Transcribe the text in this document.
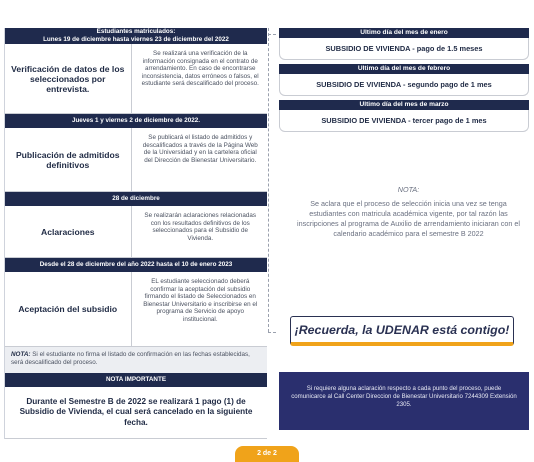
Estudiantes matriculados:
Lunes 19 de diciembre hasta viernes 23 de diciembre del 2022
Verificación de datos de los seleccionados por entrevista.
Se realizará una verificación de la información consignada en el contrato de arrendamiento. En caso de encontrarse inconsistencia, datos erróneos o falsos, el estudiante será descalificado del proceso.
Jueves 1 y viernes 2 de diciembre de 2022.
Publicación de admitidos definitivos
Se publicará el listado de admitidos y descalificados a través de la Página Web de la Universidad y en la cartelera oficial del Dirección de Bienestar Universitario.
28 de diciembre
Aclaraciones
Se realizarán aclaraciones relacionadas con los resultados definitivos de los seleccionados para el Subsidio de Vivienda.
Desde el 28 de diciembre del año 2022 hasta el 10 de enero 2023
Aceptación del subsidio
EL estudiante seleccionado deberá confirmar la aceptación del subsidio firmando el listado de Seleccionados en Bienestar Universitario e inscribirse en el programa de Servicio de apoyo institucional.
NOTA: Si el estudiante no firma el listado de confirmación en las fechas establecidas, será descalificado del proceso.
NOTA IMPORTANTE
Durante el Semestre B de 2022 se realizará 1 pago (1) de Subsidio de Vivienda, el cual será cancelado en la siguiente fecha.
Ultimo día del mes de enero
SUBSIDIO DE VIVIENDA - pago de 1.5 meses
Ultimo día del mes de febrero
SUBSIDIO DE VIVIENDA - segundo pago de 1 mes
Ultimo día del mes de marzo
SUBSIDIO DE VIVIENDA - tercer pago de 1 mes
NOTA:
Se aclara que el proceso de selección inicia una vez se tenga estudiantes con matricula académica vigente, por tal razón las inscripciones al programa de Auxilio de arrendamiento iniciaran con el calendario académico para el semestre B 2022
¡Recuerda, la UDENAR está contigo!
Si requiere alguna aclaración respecto a cada punto del proceso, puede comunicarce al Call Center Direccion de Bienestar Universitario 7244309 Extensión 2305.
2 de 2
